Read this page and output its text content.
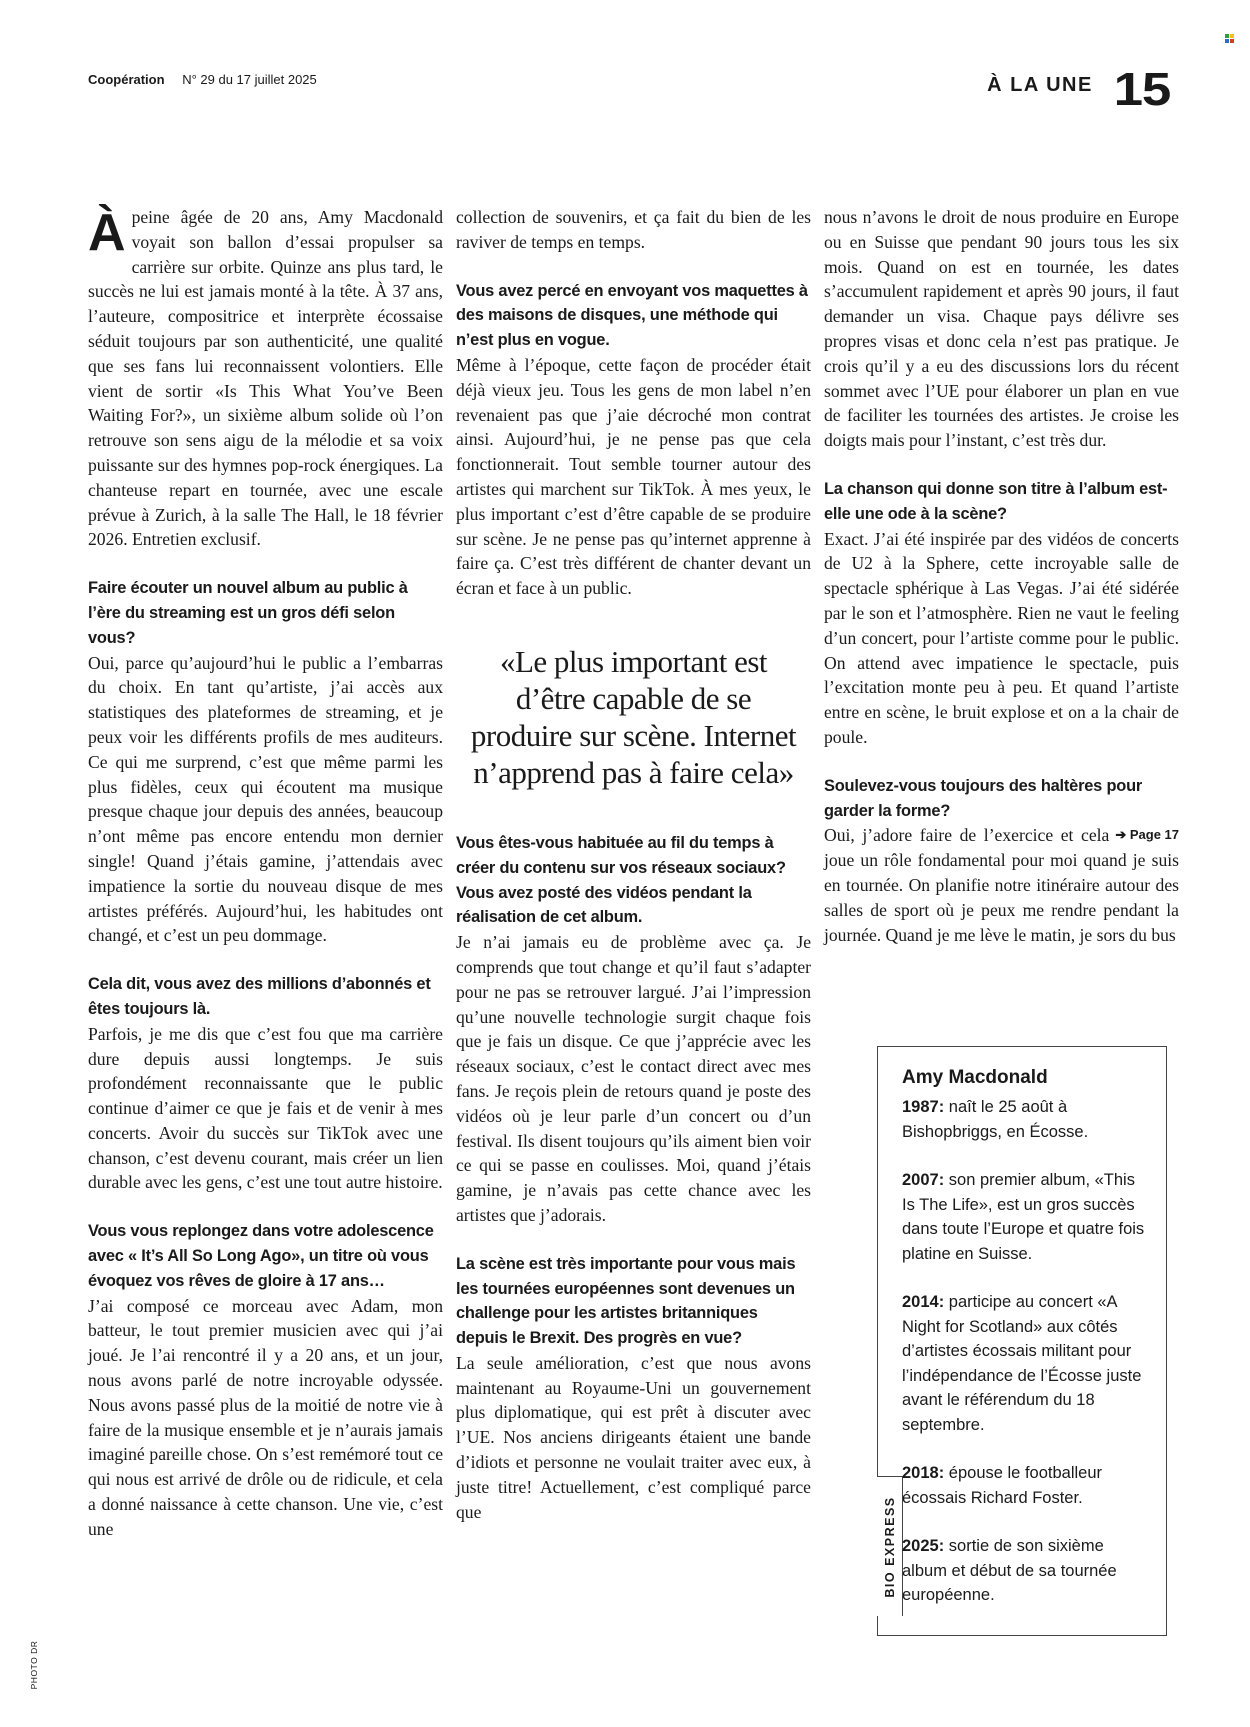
Coopération N° 29 du 17 juillet 2025	À LA UNE 15

Àpeine âgée de 20 ans, Amy Macdonald voyait son ballon d’essai propulser sa carrière sur orbite. Quinze ans plus tard, le succès ne lui est jamais monté à la tête. À 37 ans, l’auteure, compositrice et interprète écossaise séduit toujours par son authenticité, une qualité que ses fans lui reconnaissent volontiers. Elle vient de sortir «Is This What You’ve Been Waiting For?», un sixième album solide où l’on retrouve son sens aigu de la mélodie et sa voix puissante sur des hymnes pop-rock énergiques. La chanteuse repart en tournée, avec une escale prévue à Zurich, à la salle The Hall, le 18 février 2026. Entretien exclusif.

Faire écouter un nouvel album au public à l’ère du streaming est un gros défi selon vous?

Oui, parce qu’aujourd’hui le public a l’embarras du choix. En tant qu’artiste, j’ai accès aux statistiques des plateformes de streaming, et je peux voir les différents profils de mes auditeurs. Ce qui me surprend, c’est que même parmi les plus fidèles, ceux qui écoutent ma musique presque chaque jour depuis des années, beaucoup n’ont même pas encore entendu mon dernier single! Quand j’étais gamine, j’attendais avec impatience la sortie du nouveau disque de mes artistes préférés. Aujourd’hui, les habitudes ont changé, et c’est un peu dommage.

Cela dit, vous avez des millions d’abonnés et êtes toujours là.

Parfois, je me dis que c’est fou que ma carrière dure depuis aussi longtemps. Je suis profondément reconnaissante que le public continue d’aimer ce que je fais et de venir à mes concerts. Avoir du succès sur TikTok avec une chanson, c’est devenu courant, mais créer un lien durable avec les gens, c’est une tout autre histoire.

Vous vous replongez dans votre adolescence avec « It’s All So Long Ago», un titre où vous évoquez vos rêves de gloire à 17 ans…

J’ai composé ce morceau avec Adam, mon batteur, le tout premier musicien avec qui j’ai joué. Je l’ai rencontré il y a 20 ans, et un jour, nous avons parlé de notre incroyable odyssée. Nous avons passé plus de la moitié de notre vie à faire de la musique ensemble et je n’aurais jamais imaginé pareille chose. On s’est remémoré tout ce qui nous est arrivé de drôle ou de ridicule, et cela a donné naissance à cette chanson. Une vie, c’est une

collection de souvenirs, et ça fait du bien de les raviver de temps en temps.

Vous avez percé en envoyant vos maquettes à des maisons de disques, une méthode qui n’est plus en vogue.

Même à l’époque, cette façon de procéder était déjà vieux jeu. Tous les gens de mon label n’en revenaient pas que j’aie décroché mon contrat ainsi. Aujourd’hui, je ne pense pas que cela fonctionnerait. Tout semble tourner autour des artistes qui marchent sur TikTok. À mes yeux, le plus important c’est d’être capable de se produire sur scène. Je ne pense pas qu’internet apprenne à faire ça. C’est très différent de chanter devant un écran et face à un public.

«Le plus important est d’être capable de se produire sur scène. Internet n’apprend pas à faire cela»
Vous êtes-vous habituée au fil du temps à créer du contenu sur vos réseaux sociaux? Vous avez posté des vidéos pendant la réalisation de cet album.

Je n’ai jamais eu de problème avec ça. Je comprends que tout change et qu’il faut s’adapter pour ne pas se retrouver largué. J’ai l’impression qu’une nouvelle technologie surgit chaque fois que je fais un disque. Ce que j’apprécie avec les réseaux sociaux, c’est le contact direct avec mes fans. Je reçois plein de retours quand je poste des vidéos où je leur parle d’un concert ou d’un festival. Ils disent toujours qu’ils aiment bien voir ce qui se passe en coulisses. Moi, quand j’étais gamine, je n’avais pas cette chance avec les artistes que j’adorais.

La scène est très importante pour vous mais les tournées européennes sont devenues un challenge pour les artistes britanniques depuis le Brexit. Des progrès en vue?

La seule amélioration, c’est que nous avons maintenant au Royaume-Uni un gouvernement plus diplomatique, qui est prêt à discuter avec l’UE. Nos anciens dirigeants étaient une bande d’idiots et personne ne voulait traiter avec eux, à juste titre! Actuellement, c’est compliqué parce que

nous n’avons le droit de nous produire en Europe ou en Suisse que pendant 90 jours tous les six mois. Quand on est en tournée, les dates s’accumulent rapidement et après 90 jours, il faut demander un visa. Chaque pays délivre ses propres visas et donc cela n’est pas pratique. Je crois qu’il y a eu des discussions lors du récent sommet avec l’UE pour élaborer un plan en vue de faciliter les tournées des artistes. Je croise les doigts mais pour l’instant, c’est très dur.

La chanson qui donne son titre à l’album est-elle une ode à la scène?

Exact. J’ai été inspirée par des vidéos de concerts de U2 à la Sphere, cette incroyable salle de spectacle sphérique à Las Vegas. J’ai été sidérée par le son et l’atmosphère. Rien ne vaut le feeling d’un concert, pour l’artiste comme pour le public. On attend avec impatience le spectacle, puis l’excitation monte peu à peu. Et quand l’artiste entre en scène, le bruit explose et on a la chair de poule.

Soulevez-vous toujours des haltères pour garder la forme?

➔ Page 17
Oui, j’adore faire de l’exercice et cela joue un rôle fondamental pour moi quand je suis en tournée. On planifie notre itinéraire autour des salles de sport où je peux me rendre pendant la journée. Quand je me lève le matin, je sors du bus

BIO EXPRESS
Amy Macdonald
1987: naît le 25 août à Bishopbriggs, en Écosse.
2007: son premier album, «This Is The Life», est un gros succès dans toute l’Europe et quatre fois platine en Suisse.
2014: participe au concert «A Night for Scotland» aux côtés d’artistes écossais militant pour l’indépendance de l’Écosse juste avant le référendum du 18 septembre.
2018: épouse le footballeur écossais Richard Foster.
2025: sortie de son sixième album et début de sa tournée européenne.
PHOTO DR
